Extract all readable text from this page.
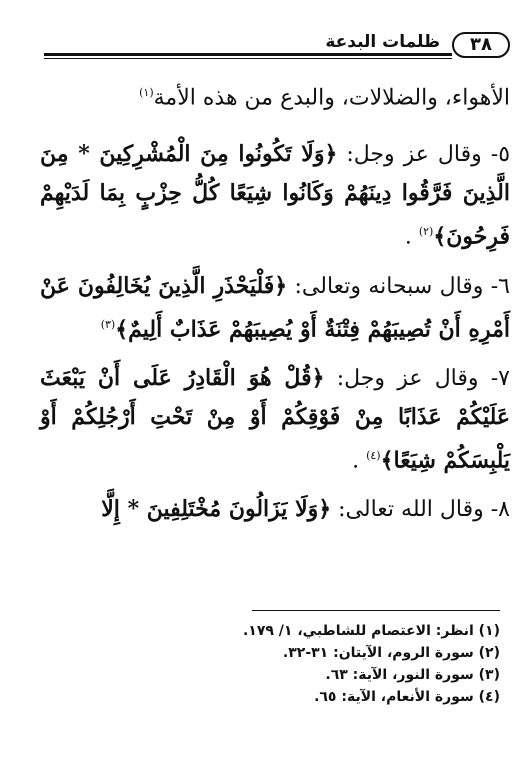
٣٨
ظلمات البدعة

الأهواء، والضلالات، والبدع من هذه الأمة$^{(١)}$

٥- وقال عز وجل: ﴿وَلَا تَكُونُوا مِنَ الْمُشْرِكِينَ * مِنَ الَّذِينَ فَرَّقُوا دِينَهُمْ وَكَانُوا شِيَعًا كُلُّ حِزْبٍ بِمَا لَدَيْهِمْ فَرِحُونَ﴾$^{(٢)}$ .

٦- وقال سبحانه وتعالى: ﴿فَلْيَحْذَرِ الَّذِينَ يُخَالِفُونَ عَنْ أَمْرِهِ أَنْ تُصِيبَهُمْ فِتْنَةٌ أَوْ يُصِيبَهُمْ عَذَابٌ أَلِيمٌ﴾$^{(٣)}$

٧- وقال عز وجل: ﴿قُلْ هُوَ الْقَادِرُ عَلَى أَنْ يَبْعَثَ عَلَيْكُمْ عَذَابًا مِنْ فَوْقِكُمْ أَوْ مِنْ تَحْتِ أَرْجُلِكُمْ أَوْ يَلْبِسَكُمْ شِيَعًا﴾$^{(٤)}$ .

٨- وقال الله تعالى: ﴿وَلَا يَزَالُونَ مُخْتَلِفِينَ * إِلَّا

(١) انظر: الاعتصام للشاطبي، ١/ ١٧٩.

(٢) سورة الروم، الآيتان: ٣١-٣٢.

(٣) سورة النور، الآية: ٦٣.

(٤) سورة الأنعام، الآية: ٦٥.
